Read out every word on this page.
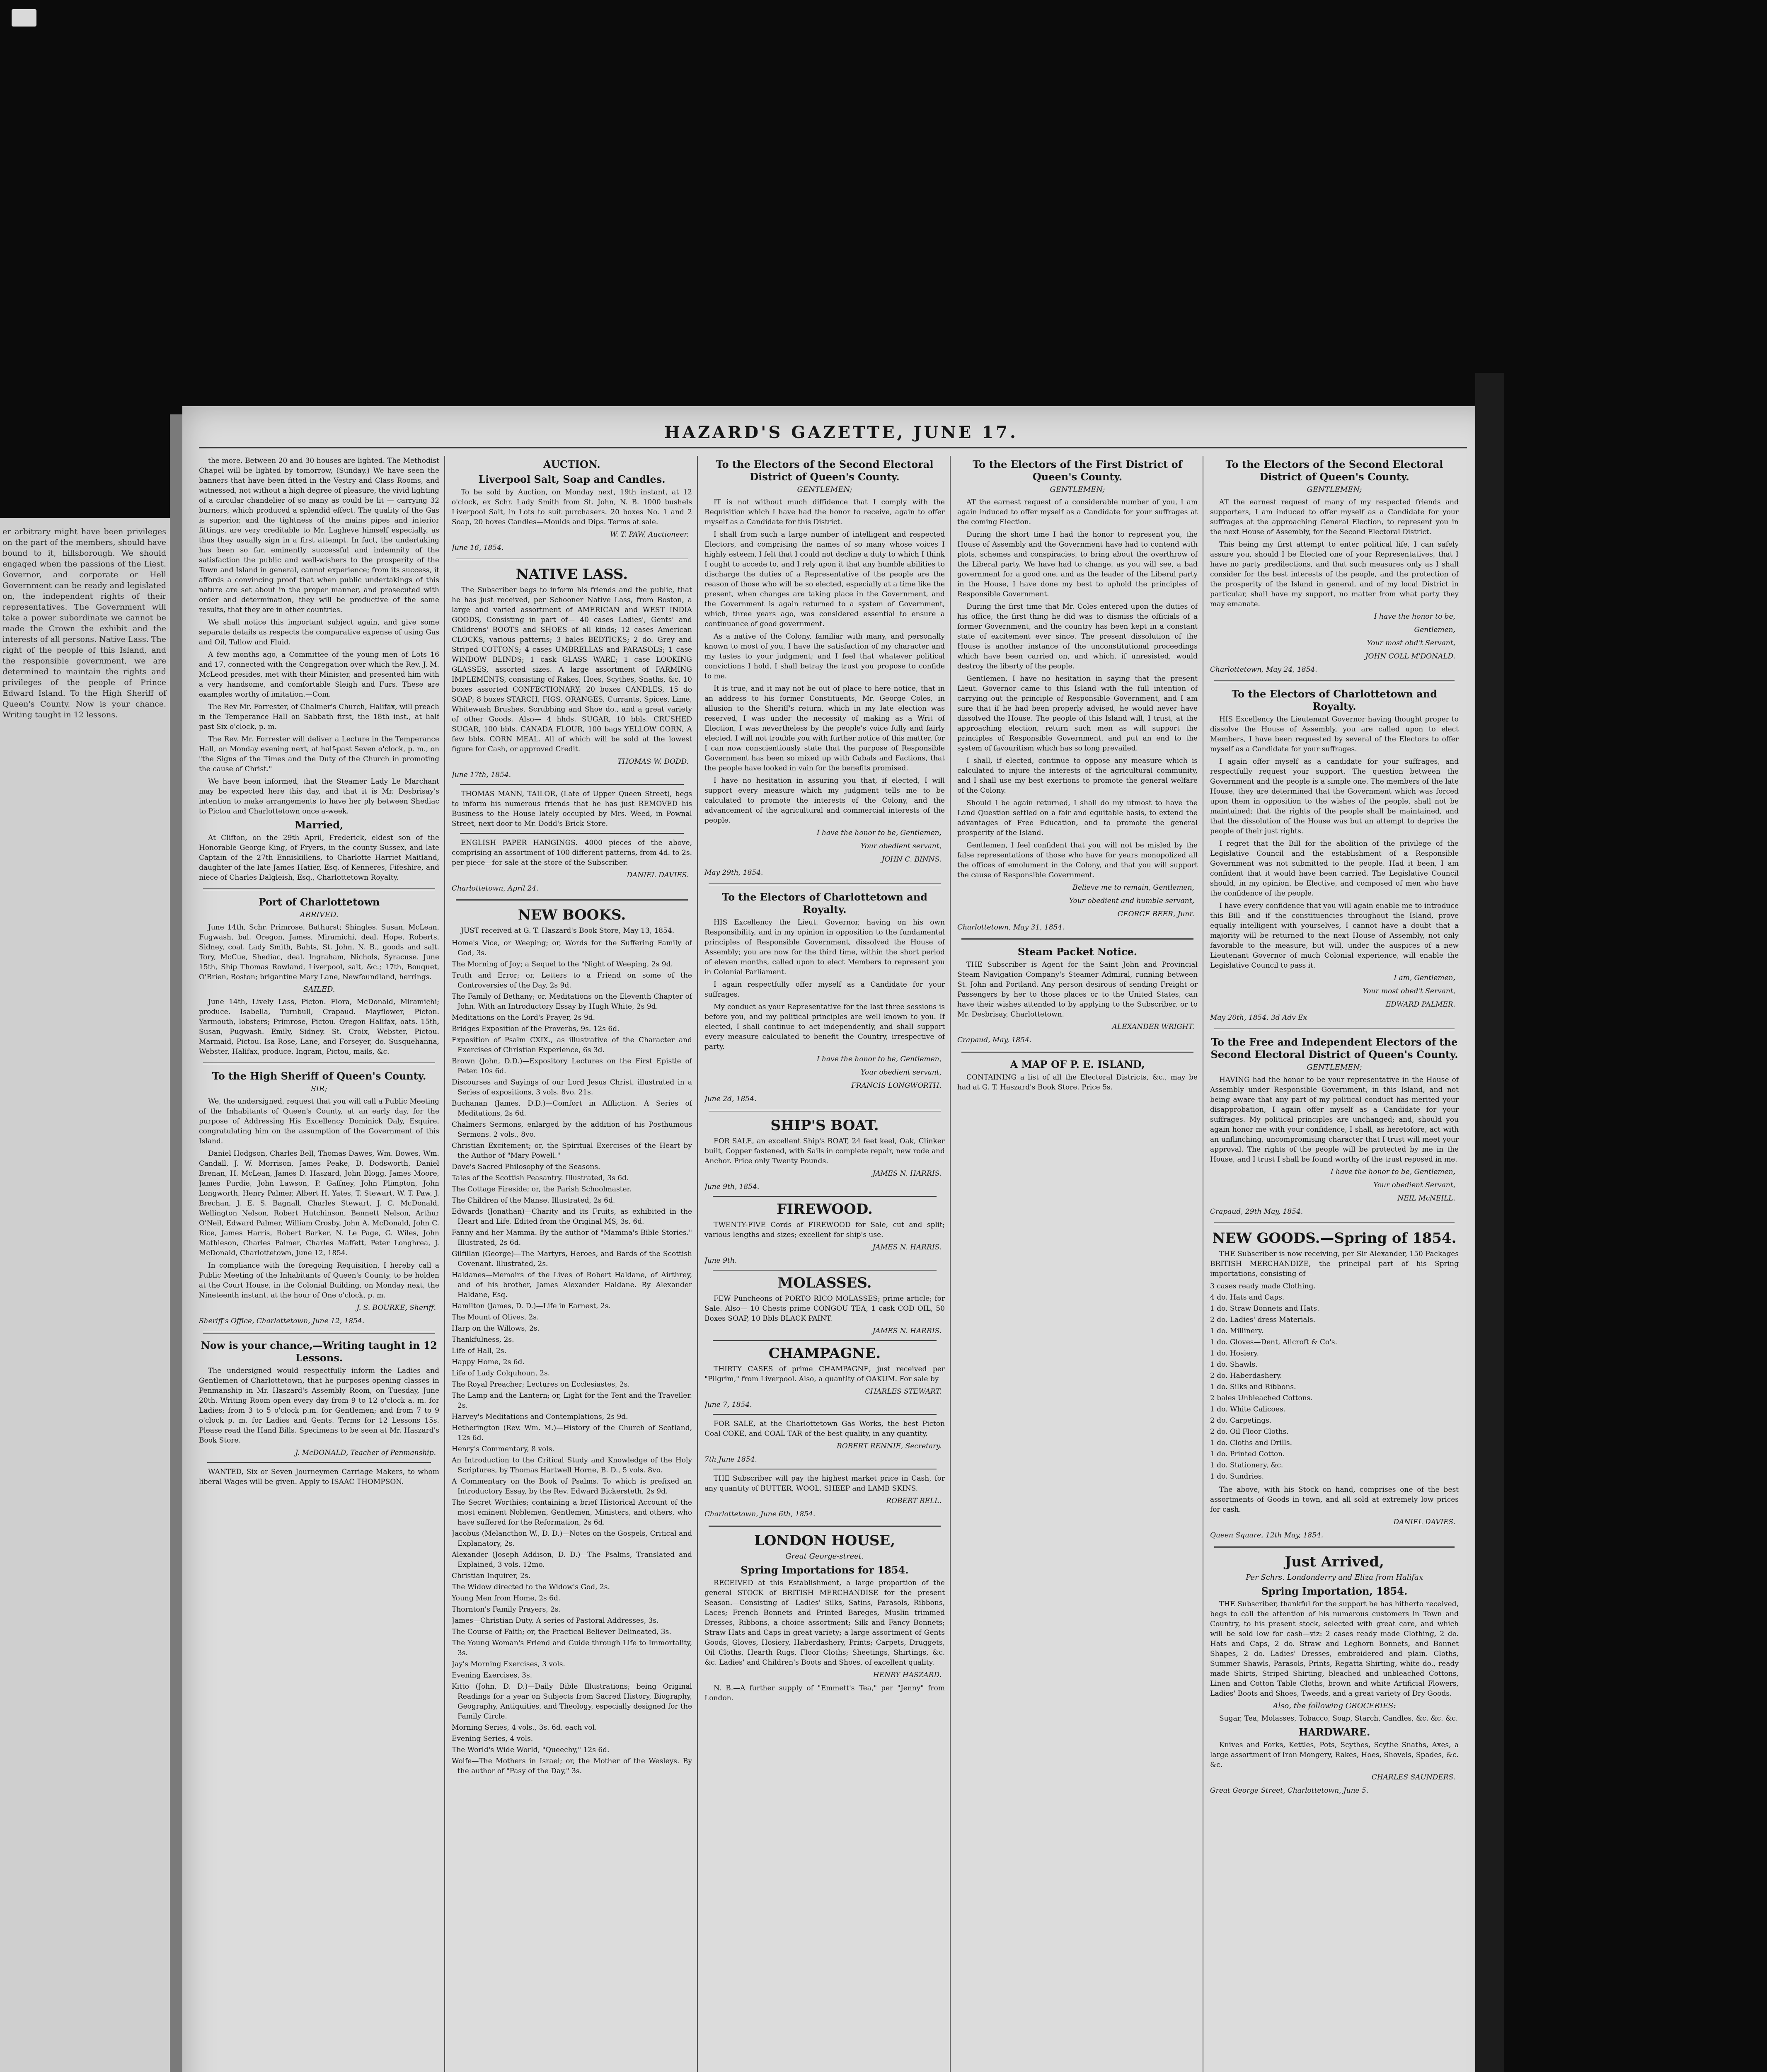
er arbitrary might have been privileges on the part of the members, should have bound to it, hillsborough. We should engaged when the passions of the Liest. Governor, and corporate or Hell Government can be ready and legislated on, the independent rights of their representatives. The Government will take a power subordinate we cannot be made the Crown the exhibit and the interests of all persons. Native Lass. The right of the people of this Island, and the responsible government, we are determined to maintain the rights and privileges of the people of Prince Edward Island. To the High Sheriff of Queen's County. Now is your chance. Writing taught in 12 lessons.
HAZARD'S GAZETTE, JUNE 17.

the more. Between 20 and 30 houses are lighted. The Methodist Chapel will be lighted by tomorrow, (Sunday.) We have seen the banners that have been fitted in the Vestry and Class Rooms, and witnessed, not without a high degree of pleasure, the vivid lighting of a circular chandelier of so many as could be lit — carrying 32 burners, which produced a splendid effect. The quality of the Gas is superior, and the tightness of the mains pipes and interior fittings, are very creditable to Mr. Lagheve himself especially, as thus they usually sign in a first attempt. In fact, the undertaking has been so far, eminently successful and indemnity of the satisfaction the public and well-wishers to the prosperity of the Town and Island in general, cannot experience; from its success, it affords a convincing proof that when public undertakings of this nature are set about in the proper manner, and prosecuted with order and determination, they will be productive of the same results, that they are in other countries.

We shall notice this important subject again, and give some separate details as respects the comparative expense of using Gas and Oil, Tallow and Fluid.

A few months ago, a Committee of the young men of Lots 16 and 17, connected with the Congregation over which the Rev. J. M. McLeod presides, met with their Minister, and presented him with a very handsome, and comfortable Sleigh and Furs. These are examples worthy of imitation.—Com.

The Rev Mr. Forrester, of Chalmer's Church, Halifax, will preach in the Temperance Hall on Sabbath first, the 18th inst., at half past Six o'clock, p. m.

The Rev. Mr. Forrester will deliver a Lecture in the Temperance Hall, on Monday evening next, at half-past Seven o'clock, p. m., on "the Signs of the Times and the Duty of the Church in promoting the cause of Christ."

We have been informed, that the Steamer Lady Le Marchant may be expected here this day, and that it is Mr. Desbrisay's intention to make arrangements to have her ply between Shediac to Pictou and Charlottetown once a-week.

Married,

At Clifton, on the 29th April, Frederick, eldest son of the Honorable George King, of Fryers, in the county Sussex, and late Captain of the 27th Enniskillens, to Charlotte Harriet Maitland, daughter of the late James Hatier, Esq. of Kenneres, Fifeshire, and niece of Charles Dalgleish, Esq., Charlottetown Royalty.

Port of Charlottetown
ARRIVED.

June 14th, Schr. Primrose, Bathurst; Shingles. Susan, McLean, Fugwash, bal. Oregon, James, Miramichi, deal. Hope, Roberts, Sidney, coal. Lady Smith, Bahts, St. John, N. B., goods and salt. Tory, McCue, Shediac, deal. Ingraham, Nichols, Syracuse. June 15th, Ship Thomas Rowland, Liverpool, salt, &c.; 17th, Bouquet, O'Brien, Boston; brigantine Mary Lane, Newfoundland, herrings.

SAILED.

June 14th, Lively Lass, Picton. Flora, McDonald, Miramichi; produce. Isabella, Turnbull, Crapaud. Mayflower, Picton. Yarmouth, lobsters; Primrose, Pictou. Oregon Halifax, oats. 15th, Susan, Pugwash. Emily, Sidney. St. Croix, Webster, Pictou. Marmaid, Pictou. Isa Rose, Lane, and Forseyer, do. Susquehanna, Webster, Halifax, produce. Ingram, Pictou, mails, &c.

To the High Sheriff of Queen's County.
SIR;

We, the undersigned, request that you will call a Public Meeting of the Inhabitants of Queen's County, at an early day, for the purpose of Addressing His Excellency Dominick Daly, Esquire, congratulating him on the assumption of the Government of this Island.

Daniel Hodgson, Charles Bell, Thomas Dawes, Wm. Bowes, Wm. Candall, J. W. Morrison, James Peake, D. Dodsworth, Daniel Brenan, H. McLean, James D. Haszard, John Blogg, James Moore, James Purdie, John Lawson, P. Gaffney, John Plimpton, John Longworth, Henry Palmer, Albert H. Yates, T. Stewart, W. T. Paw, J. Brechan, J. E. S. Bagnall, Charles Stewart, J. C. McDonald, Wellington Nelson, Robert Hutchinson, Bennett Nelson, Arthur O'Neil, Edward Palmer, William Crosby, John A. McDonald, John C. Rice, James Harris, Robert Barker, N. Le Page, G. Wiles, John Mathieson, Charles Palmer, Charles Maffett, Peter Longhrea, J. McDonald, Charlottetown, June 12, 1854.

In compliance with the foregoing Requisition, I hereby call a Public Meeting of the Inhabitants of Queen's County, to be holden at the Court House, in the Colonial Building, on Monday next, the Nineteenth instant, at the hour of One o'clock, p. m.

J. S. BOURKE, Sheriff.
Sheriff's Office, Charlottetown, June 12, 1854.
Now is your chance,—Writing taught in 12 Lessons.

The undersigned would respectfully inform the Ladies and Gentlemen of Charlottetown, that he purposes opening classes in Penmanship in Mr. Haszard's Assembly Room, on Tuesday, June 20th. Writing Room open every day from 9 to 12 o'clock a. m. for Ladies; from 3 to 5 o'clock p.m. for Gentlemen; and from 7 to 9 o'clock p. m. for Ladies and Gents. Terms for 12 Lessons 15s. Please read the Hand Bills. Specimens to be seen at Mr. Haszard's Book Store.

J. McDONALD, Teacher of Penmanship.

WANTED, Six or Seven Journeymen Carriage Makers, to whom liberal Wages will be given. Apply to ISAAC THOMPSON.

AUCTION.
Liverpool Salt, Soap and Candles.

To be sold by Auction, on Monday next, 19th instant, at 12 o'clock, ex Schr. Lady Smith from St. John, N. B. 1000 bushels Liverpool Salt, in Lots to suit purchasers. 20 boxes No. 1 and 2 Soap, 20 boxes Candles—Moulds and Dips. Terms at sale.

W. T. PAW, Auctioneer.
June 16, 1854.
NATIVE LASS.

The Subscriber begs to inform his friends and the public, that he has just received, per Schooner Native Lass, from Boston, a large and varied assortment of AMERICAN and WEST INDIA GOODS, Consisting in part of— 40 cases Ladies', Gents' and Childrens' BOOTS and SHOES of all kinds; 12 cases American CLOCKS, various patterns; 3 bales BEDTICKS; 2 do. Grey and Striped COTTONS; 4 cases UMBRELLAS and PARASOLS; 1 case WINDOW BLINDS; 1 cask GLASS WARE; 1 case LOOKING GLASSES, assorted sizes. A large assortment of FARMING IMPLEMENTS, consisting of Rakes, Hoes, Scythes, Snaths, &c. 10 boxes assorted CONFECTIONARY; 20 boxes CANDLES, 15 do SOAP; 8 boxes STARCH, FIGS, ORANGES, Currants, Spices, Lime, Whitewash Brushes, Scrubbing and Shoe do., and a great variety of other Goods. Also— 4 hhds. SUGAR, 10 bbls. CRUSHED SUGAR, 100 bbls. CANADA FLOUR, 100 bags YELLOW CORN, A few bbls. CORN MEAL. All of which will be sold at the lowest figure for Cash, or approved Credit.

THOMAS W. DODD.
June 17th, 1854.

THOMAS MANN, TAILOR, (Late of Upper Queen Street), begs to inform his numerous friends that he has just REMOVED his Business to the House lately occupied by Mrs. Weed, in Pownal Street, next door to Mr. Dodd's Brick Store.

ENGLISH PAPER HANGINGS.—4000 pieces of the above, comprising an assortment of 100 different patterns, from 4d. to 2s. per piece—for sale at the store of the Subscriber.

DANIEL DAVIES.
Charlottetown, April 24.
NEW BOOKS.

JUST received at G. T. Haszard's Book Store, May 13, 1854.

Home's Vice, or Weeping; or, Words for the Suffering Family of God, 3s.
The Morning of Joy; a Sequel to the "Night of Weeping, 2s 9d.
Truth and Error; or, Letters to a Friend on some of the Controversies of the Day, 2s 9d.
The Family of Bethany; or, Meditations on the Eleventh Chapter of John. With an Introductory Essay by Hugh White, 2s 9d.
Meditations on the Lord's Prayer, 2s 9d.
Bridges Exposition of the Proverbs, 9s. 12s 6d.
Exposition of Psalm CXIX., as illustrative of the Character and Exercises of Christian Experience, 6s 3d.
Brown (John, D.D.)—Expository Lectures on the First Epistle of Peter. 10s 6d.
Discourses and Sayings of our Lord Jesus Christ, illustrated in a Series of expositions, 3 vols. 8vo. 21s.
Buchanan (James, D.D.)—Comfort in Affliction. A Series of Meditations, 2s 6d.
Chalmers Sermons, enlarged by the addition of his Posthumous Sermons. 2 vols., 8vo.
Christian Excitement; or, the Spiritual Exercises of the Heart by the Author of "Mary Powell."
Dove's Sacred Philosophy of the Seasons.
Tales of the Scottish Peasantry. Illustrated, 3s 6d.
The Cottage Fireside; or, the Parish Schoolmaster.
The Children of the Manse. Illustrated, 2s 6d.
Edwards (Jonathan)—Charity and its Fruits, as exhibited in the Heart and Life. Edited from the Original MS, 3s. 6d.
Fanny and her Mamma. By the author of "Mamma's Bible Stories." Illustrated, 2s 6d.
Gilfillan (George)—The Martyrs, Heroes, and Bards of the Scottish Covenant. Illustrated, 2s.
Haldanes—Memoirs of the Lives of Robert Haldane, of Airthrey, and of his brother, James Alexander Haldane. By Alexander Haldane, Esq.
Hamilton (James, D. D.)—Life in Earnest, 2s.
The Mount of Olives, 2s.
Harp on the Willows, 2s.
Thankfulness, 2s.
Life of Hall, 2s.
Happy Home, 2s 6d.
Life of Lady Colquhoun, 2s.
The Royal Preacher; Lectures on Ecclesiastes, 2s.
The Lamp and the Lantern; or, Light for the Tent and the Traveller. 2s.
Harvey's Meditations and Contemplations, 2s 9d.
Hetherington (Rev. Wm. M.)—History of the Church of Scotland, 12s 6d.
Henry's Commentary, 8 vols.
An Introduction to the Critical Study and Knowledge of the Holy Scriptures, by Thomas Hartwell Horne, B. D., 5 vols. 8vo.
A Commentary on the Book of Psalms. To which is prefixed an Introductory Essay, by the Rev. Edward Bickersteth, 2s 9d.
The Secret Worthies; containing a brief Historical Account of the most eminent Noblemen, Gentlemen, Ministers, and others, who have suffered for the Reformation, 2s 6d.
Jacobus (Melancthon W., D. D.)—Notes on the Gospels, Critical and Explanatory, 2s.
Alexander (Joseph Addison, D. D.)—The Psalms, Translated and Explained, 3 vols. 12mo.
Christian Inquirer, 2s.
The Widow directed to the Widow's God, 2s.
Young Men from Home, 2s 6d.
Thornton's Family Prayers, 2s.
James—Christian Duty. A series of Pastoral Addresses, 3s.
The Course of Faith; or, the Practical Believer Delineated, 3s.
The Young Woman's Friend and Guide through Life to Immortality, 3s.
Jay's Morning Exercises, 3 vols.
Evening Exercises, 3s.
Kitto (John, D. D.)—Daily Bible Illustrations; being Original Readings for a year on Subjects from Sacred History, Biography, Geography, Antiquities, and Theology, especially designed for the Family Circle.
Morning Series, 4 vols., 3s. 6d. each vol.
Evening Series, 4 vols.
The World's Wide World, "Queechy," 12s 6d.
Wolfe—The Mothers in Israel; or, the Mother of the Wesleys. By the author of "Pasy of the Day," 3s.
To the Electors of the Second Electoral District of Queen's County.
GENTLEMEN;

IT is not without much diffidence that I comply with the Requisition which I have had the honor to receive, again to offer myself as a Candidate for this District.

I shall from such a large number of intelligent and respected Electors, and comprising the names of so many whose voices I highly esteem, I felt that I could not decline a duty to which I think I ought to accede to, and I rely upon it that any humble abilities to discharge the duties of a Representative of the people are the reason of those who will be so elected, especially at a time like the present, when changes are taking place in the Government, and the Government is again returned to a system of Government, which, three years ago, was considered essential to ensure a continuance of good government.

As a native of the Colony, familiar with many, and personally known to most of you, I have the satisfaction of my character and my tastes to your judgment; and I feel that whatever political convictions I hold, I shall betray the trust you propose to confide to me.

It is true, and it may not be out of place to here notice, that in an address to his former Constituents, Mr. George Coles, in allusion to the Sheriff's return, which in my late election was reserved, I was under the necessity of making as a Writ of Election, I was nevertheless by the people's voice fully and fairly elected. I will not trouble you with further notice of this matter, for I can now conscientiously state that the purpose of Responsible Government has been so mixed up with Cabals and Factions, that the people have looked in vain for the benefits promised.

I have no hesitation in assuring you that, if elected, I will support every measure which my judgment tells me to be calculated to promote the interests of the Colony, and the advancement of the agricultural and commercial interests of the people.

I have the honor to be, Gentlemen,
Your obedient servant,
JOHN C. BINNS.
May 29th, 1854.
To the Electors of Charlottetown and Royalty.

HIS Excellency the Lieut. Governor, having on his own Responsibility, and in my opinion in opposition to the fundamental principles of Responsible Government, dissolved the House of Assembly; you are now for the third time, within the short period of eleven months, called upon to elect Members to represent you in Colonial Parliament.

I again respectfully offer myself as a Candidate for your suffrages.

My conduct as your Representative for the last three sessions is before you, and my political principles are well known to you. If elected, I shall continue to act independently, and shall support every measure calculated to benefit the Country, irrespective of party.

I have the honor to be, Gentlemen,
Your obedient servant,
FRANCIS LONGWORTH.
June 2d, 1854.
SHIP'S BOAT.

FOR SALE, an excellent Ship's BOAT, 24 feet keel, Oak, Clinker built, Copper fastened, with Sails in complete repair, new rode and Anchor. Price only Twenty Pounds.

JAMES N. HARRIS.
June 9th, 1854.
FIREWOOD.

TWENTY-FIVE Cords of FIREWOOD for Sale, cut and split; various lengths and sizes; excellent for ship's use.

JAMES N. HARRIS.
June 9th.
MOLASSES.

FEW Puncheons of PORTO RICO MOLASSES; prime article; for Sale. Also— 10 Chests prime CONGOU TEA, 1 cask COD OIL, 50 Boxes SOAP, 10 Bbls BLACK PAINT.

JAMES N. HARRIS.
CHAMPAGNE.

THIRTY CASES of prime CHAMPAGNE, just received per "Pilgrim," from Liverpool. Also, a quantity of OAKUM. For sale by

CHARLES STEWART.
June 7, 1854.

FOR SALE, at the Charlottetown Gas Works, the best Picton Coal COKE, and COAL TAR of the best quality, in any quantity.

ROBERT RENNIE, Secretary.
7th June 1854.

THE Subscriber will pay the highest market price in Cash, for any quantity of BUTTER, WOOL, SHEEP and LAMB SKINS.

ROBERT BELL.
Charlottetown, June 6th, 1854.
LONDON HOUSE,
Great George-street.
Spring Importations for 1854.

RECEIVED at this Establishment, a large proportion of the general STOCK of BRITISH MERCHANDISE for the present Season.—Consisting of—Ladies' Silks, Satins, Parasols, Ribbons, Laces; French Bonnets and Printed Bareges, Muslin trimmed Dresses, Ribbons, a choice assortment; Silk and Fancy Bonnets; Straw Hats and Caps in great variety; a large assortment of Gents Goods, Gloves, Hosiery, Haberdashery, Prints; Carpets, Druggets, Oil Cloths, Hearth Rugs, Floor Cloths; Sheetings, Shirtings, &c. &c. Ladies' and Children's Boots and Shoes, of excellent quality.

HENRY HASZARD.

N. B.—A further supply of "Emmett's Tea," per "Jenny" from London.

To the Electors of the First District of Queen's County.
GENTLEMEN;

AT the earnest request of a considerable number of you, I am again induced to offer myself as a Candidate for your suffrages at the coming Election.

During the short time I had the honor to represent you, the House of Assembly and the Government have had to contend with plots, schemes and conspiracies, to bring about the overthrow of the Liberal party. We have had to change, as you will see, a bad government for a good one, and as the leader of the Liberal party in the House, I have done my best to uphold the principles of Responsible Government.

During the first time that Mr. Coles entered upon the duties of his office, the first thing he did was to dismiss the officials of a former Government, and the country has been kept in a constant state of excitement ever since. The present dissolution of the House is another instance of the unconstitutional proceedings which have been carried on, and which, if unresisted, would destroy the liberty of the people.

Gentlemen, I have no hesitation in saying that the present Lieut. Governor came to this Island with the full intention of carrying out the principle of Responsible Government, and I am sure that if he had been properly advised, he would never have dissolved the House. The people of this Island will, I trust, at the approaching election, return such men as will support the principles of Responsible Government, and put an end to the system of favouritism which has so long prevailed.

I shall, if elected, continue to oppose any measure which is calculated to injure the interests of the agricultural community, and I shall use my best exertions to promote the general welfare of the Colony.

Should I be again returned, I shall do my utmost to have the Land Question settled on a fair and equitable basis, to extend the advantages of Free Education, and to promote the general prosperity of the Island.

Gentlemen, I feel confident that you will not be misled by the false representations of those who have for years monopolized all the offices of emolument in the Colony, and that you will support the cause of Responsible Government.

Believe me to remain, Gentlemen,
Your obedient and humble servant,
GEORGE BEER, Junr.
Charlottetown, May 31, 1854.
Steam Packet Notice.

THE Subscriber is Agent for the Saint John and Provincial Steam Navigation Company's Steamer Admiral, running between St. John and Portland. Any person desirous of sending Freight or Passengers by her to those places or to the United States, can have their wishes attended to by applying to the Subscriber, or to Mr. Desbrisay, Charlottetown.

ALEXANDER WRIGHT.
Crapaud, May, 1854.
A MAP OF P. E. ISLAND,

CONTAINING a list of all the Electoral Districts, &c., may be had at G. T. Haszard's Book Store. Price 5s.

To the Electors of the Second Electoral District of Queen's County.
GENTLEMEN;

AT the earnest request of many of my respected friends and supporters, I am induced to offer myself as a Candidate for your suffrages at the approaching General Election, to represent you in the next House of Assembly, for the Second Electoral District.

This being my first attempt to enter political life, I can safely assure you, should I be Elected one of your Representatives, that I have no party predilections, and that such measures only as I shall consider for the best interests of the people, and the protection of the prosperity of the Island in general, and of my local District in particular, shall have my support, no matter from what party they may emanate.

I have the honor to be,
Gentlemen,
Your most obd't Servant,
JOHN COLL M'DONALD.
Charlottetown, May 24, 1854.
To the Electors of Charlottetown and Royalty.

HIS Excellency the Lieutenant Governor having thought proper to dissolve the House of Assembly, you are called upon to elect Members, I have been requested by several of the Electors to offer myself as a Candidate for your suffrages.

I again offer myself as a candidate for your suffrages, and respectfully request your support. The question between the Government and the people is a simple one. The members of the late House, they are determined that the Government which was forced upon them in opposition to the wishes of the people, shall not be maintained; that the rights of the people shall be maintained, and that the dissolution of the House was but an attempt to deprive the people of their just rights.

I regret that the Bill for the abolition of the privilege of the Legislative Council and the establishment of a Responsible Government was not submitted to the people. Had it been, I am confident that it would have been carried. The Legislative Council should, in my opinion, be Elective, and composed of men who have the confidence of the people.

I have every confidence that you will again enable me to introduce this Bill—and if the constituencies throughout the Island, prove equally intelligent with yourselves, I cannot have a doubt that a majority will be returned to the next House of Assembly, not only favorable to the measure, but will, under the auspices of a new Lieutenant Governor of much Colonial experience, will enable the Legislative Council to pass it.

I am, Gentlemen,
Your most obed't Servant,
EDWARD PALMER.
May 20th, 1854. 3d Adv Ex
To the Free and Independent Electors of the Second Electoral District of Queen's County.
GENTLEMEN;

HAVING had the honor to be your representative in the House of Assembly under Responsible Government, in this Island, and not being aware that any part of my political conduct has merited your disapprobation, I again offer myself as a Candidate for your suffrages. My political principles are unchanged; and, should you again honor me with your confidence, I shall, as heretofore, act with an unflinching, uncompromising character that I trust will meet your approval. The rights of the people will be protected by me in the House, and I trust I shall be found worthy of the trust reposed in me.

I have the honor to be, Gentlemen,
Your obedient Servant,
NEIL McNEILL.
Crapaud, 29th May, 1854.
NEW GOODS.—Spring of 1854.

THE Subscriber is now receiving, per Sir Alexander, 150 Packages BRITISH MERCHANDIZE, the principal part of his Spring importations, consisting of—

3 cases ready made Clothing.
4 do. Hats and Caps.
1 do. Straw Bonnets and Hats.
2 do. Ladies' dress Materials.
1 do. Millinery.
1 do. Gloves—Dent, Allcroft & Co's.
1 do. Hosiery.
1 do. Shawls.
2 do. Haberdashery.
1 do. Silks and Ribbons.
2 bales Unbleached Cottons.
1 do. White Calicoes.
2 do. Carpetings.
2 do. Oil Floor Cloths.
1 do. Cloths and Drills.
1 do. Printed Cotton.
1 do. Stationery, &c.
1 do. Sundries.

The above, with his Stock on hand, comprises one of the best assortments of Goods in town, and all sold at extremely low prices for cash.

DANIEL DAVIES.
Queen Square, 12th May, 1854.
Just Arrived,
Per Schrs. Londonderry and Eliza from Halifax
Spring Importation, 1854.

THE Subscriber, thankful for the support he has hitherto received, begs to call the attention of his numerous customers in Town and Country, to his present stock, selected with great care, and which will be sold low for cash—viz: 2 cases ready made Clothing, 2 do. Hats and Caps, 2 do. Straw and Leghorn Bonnets, and Bonnet Shapes, 2 do. Ladies' Dresses, embroidered and plain. Cloths, Summer Shawls, Parasols, Prints, Regatta Shirting, white do., ready made Shirts, Striped Shirting, bleached and unbleached Cottons, Linen and Cotton Table Cloths, brown and white Artificial Flowers, Ladies' Boots and Shoes, Tweeds, and a great variety of Dry Goods.

Also, the following GROCERIES:

Sugar, Tea, Molasses, Tobacco, Soap, Starch, Candles, &c. &c. &c.

HARDWARE.

Knives and Forks, Kettles, Pots, Scythes, Scythe Snaths, Axes, a large assortment of Iron Mongery, Rakes, Hoes, Shovels, Spades, &c. &c.

CHARLES SAUNDERS.
Great George Street, Charlottetown, June 5.
